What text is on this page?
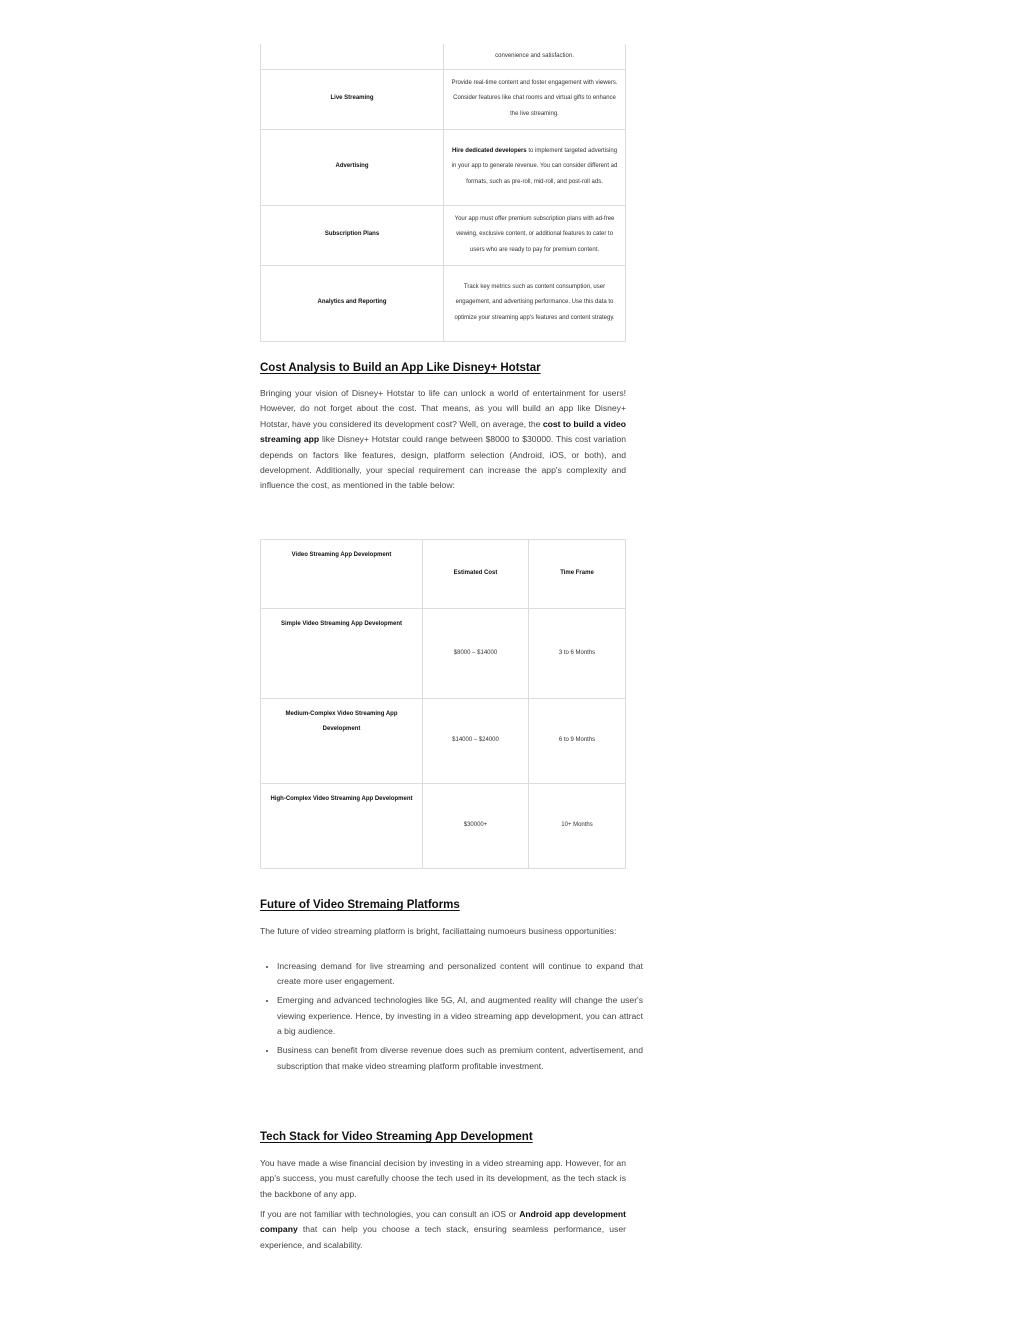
	convenience and satisfaction.
Live Streaming	Provide real-time content and foster engagement with viewers. Consider features like chat rooms and virtual gifts to enhance the live streaming.
Advertising	Hire dedicated developers to implement targeted advertising in your app to generate revenue. You can consider different ad formats, such as pre-roll, mid-roll, and post-roll ads.
Subscription Plans	Your app must offer premium subscription plans with ad-free viewing, exclusive content, or additional features to cater to users who are ready to pay for premium content.
Analytics and Reporting	Track key metrics such as content consumption, user engagement, and advertising performance. Use this data to optimize your streaming app's features and content strategy.
Cost Analysis to Build an App Like Disney+ Hotstar

Bringing your vision of Disney+ Hotstar to life can unlock a world of entertainment for users! However, do not forget about the cost. That means, as you will build an app like Disney+ Hotstar, have you considered its development cost? Well, on average, the cost to build a video streaming app like Disney+ Hotstar could range between $8000 to $30000. This cost variation depends on factors like features, design, platform selection (Android, iOS, or both), and development. Additionally, your special requirement can increase the app's complexity and influence the cost, as mentioned in the table below:

Video Streaming App Development	Estimated Cost	Time Frame
Simple Video Streaming App Development	$8000 – $14000	3 to 6 Months
Medium-Complex Video Streaming App Development	$14000 – $24000	6 to 9 Months
High-Complex Video Streaming App Development	$30000+	10+ Months
Future of Video Stremaing Platforms

The future of video streaming platform is bright, faciliattaing numoeurs business opportunities:

• Increasing demand for live streaming and personalized content will continue to expand that create more user engagement.
• Emerging and advanced technologies like 5G, AI, and augmented reality will change the user's viewing experience. Hence, by investing in a video streaming app development, you can attract a big audience.
• Business can benefit from diverse revenue does such as premium content, advertisement, and subscription that make video streaming platform profitable investment.
Tech Stack for Video Streaming App Development

You have made a wise financial decision by investing in a video streaming app. However, for an app's success, you must carefully choose the tech used in its development, as the tech stack is the backbone of any app.

If you are not familiar with technologies, you can consult an iOS or Android app development company that can help you choose a tech stack, ensuring seamless performance, user experience, and scalability.
